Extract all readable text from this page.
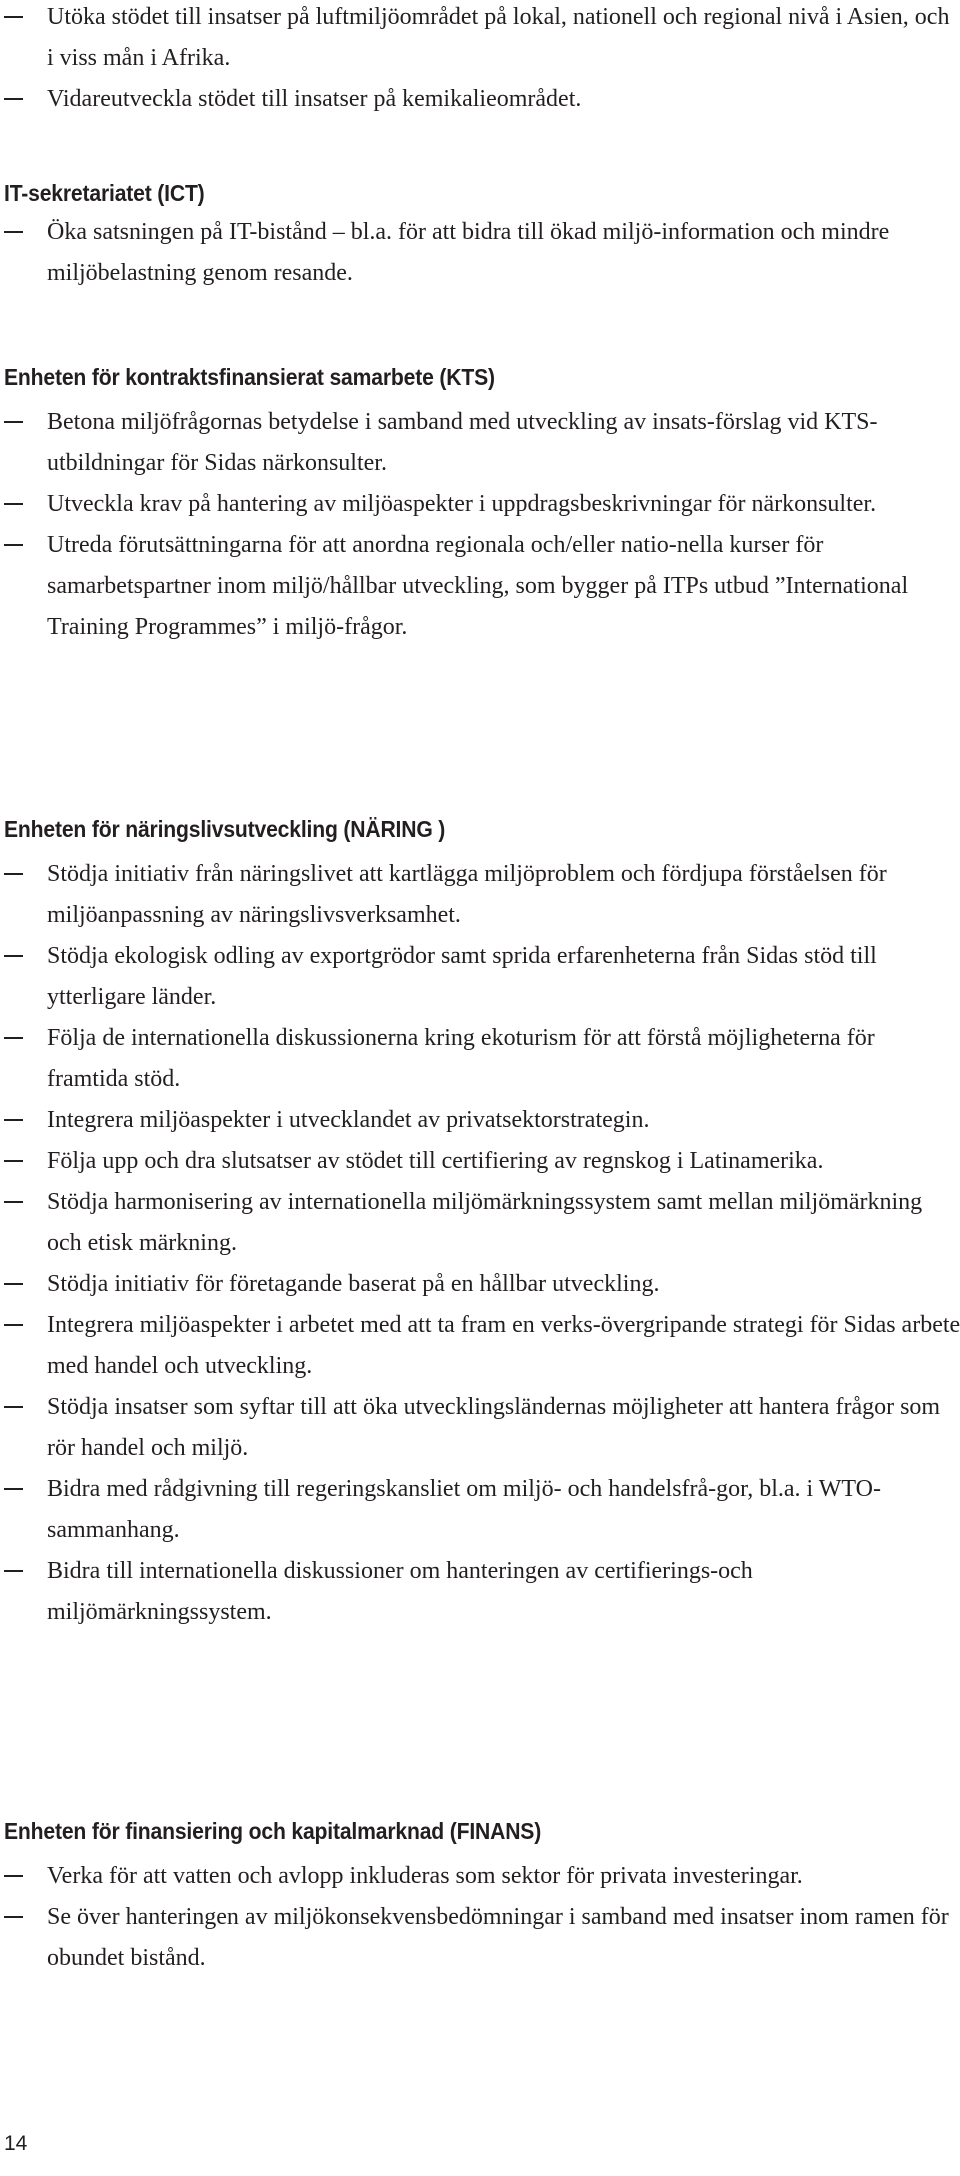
Utöka stödet till insatser på luftmiljöområdet på lokal, nationell och regional nivå i Asien, och i viss mån i Afrika.
Vidareutveckla stödet till insatser på kemikalieområdet.
IT-sekretariatet (ICT)
Öka satsningen på IT-bistånd – bl.a. för att bidra till ökad miljö-information och mindre miljöbelastning genom resande.
Enheten för kontraktsfinansierat samarbete (KTS)
Betona miljöfrågornas betydelse i samband med utveckling av insats-förslag vid KTS-utbildningar för Sidas närkonsulter.
Utveckla krav på hantering av miljöaspekter i uppdragsbeskrivningar för närkonsulter.
Utreda förutsättningarna för att anordna regionala och/eller natio-nella kurser för samarbetspartner inom miljö/hållbar utveckling, som bygger på ITPs utbud ”International Training Programmes” i miljö-frågor.
Enheten för näringslivsutveckling (NÄRING )
Stödja initiativ från näringslivet att kartlägga miljöproblem och fördjupa förståelsen för miljöanpassning av näringslivsverksamhet.
Stödja ekologisk odling av exportgrödor samt sprida erfarenheterna från Sidas stöd till ytterligare länder.
Följa de internationella diskussionerna kring ekoturism för att förstå möjligheterna för framtida stöd.
Integrera miljöaspekter i utvecklandet av privatsektorstrategin.
Följa upp och dra slutsatser av stödet till certifiering av regnskog i Latinamerika.
Stödja harmonisering av internationella miljömärkningssystem samt mellan miljömärkning och etisk märkning.
Stödja initiativ för företagande baserat på en hållbar utveckling.
Integrera miljöaspekter i arbetet med att ta fram en verks-övergripande strategi för Sidas arbete med handel och utveckling.
Stödja insatser som syftar till att öka utvecklingsländernas möjligheter att hantera frågor som rör handel och miljö.
Bidra med rådgivning till regeringskansliet om miljö- och handelsfrå-gor, bl.a. i WTO-sammanhang.
Bidra till internationella diskussioner om hanteringen av certifierings-och miljömärkningssystem.
Enheten för finansiering och kapitalmarknad (FINANS)
Verka för att vatten och avlopp inkluderas som sektor för privata investeringar.
Se över hanteringen av miljökonsekvensbedömningar i samband med insatser inom ramen för obundet bistånd.
14
